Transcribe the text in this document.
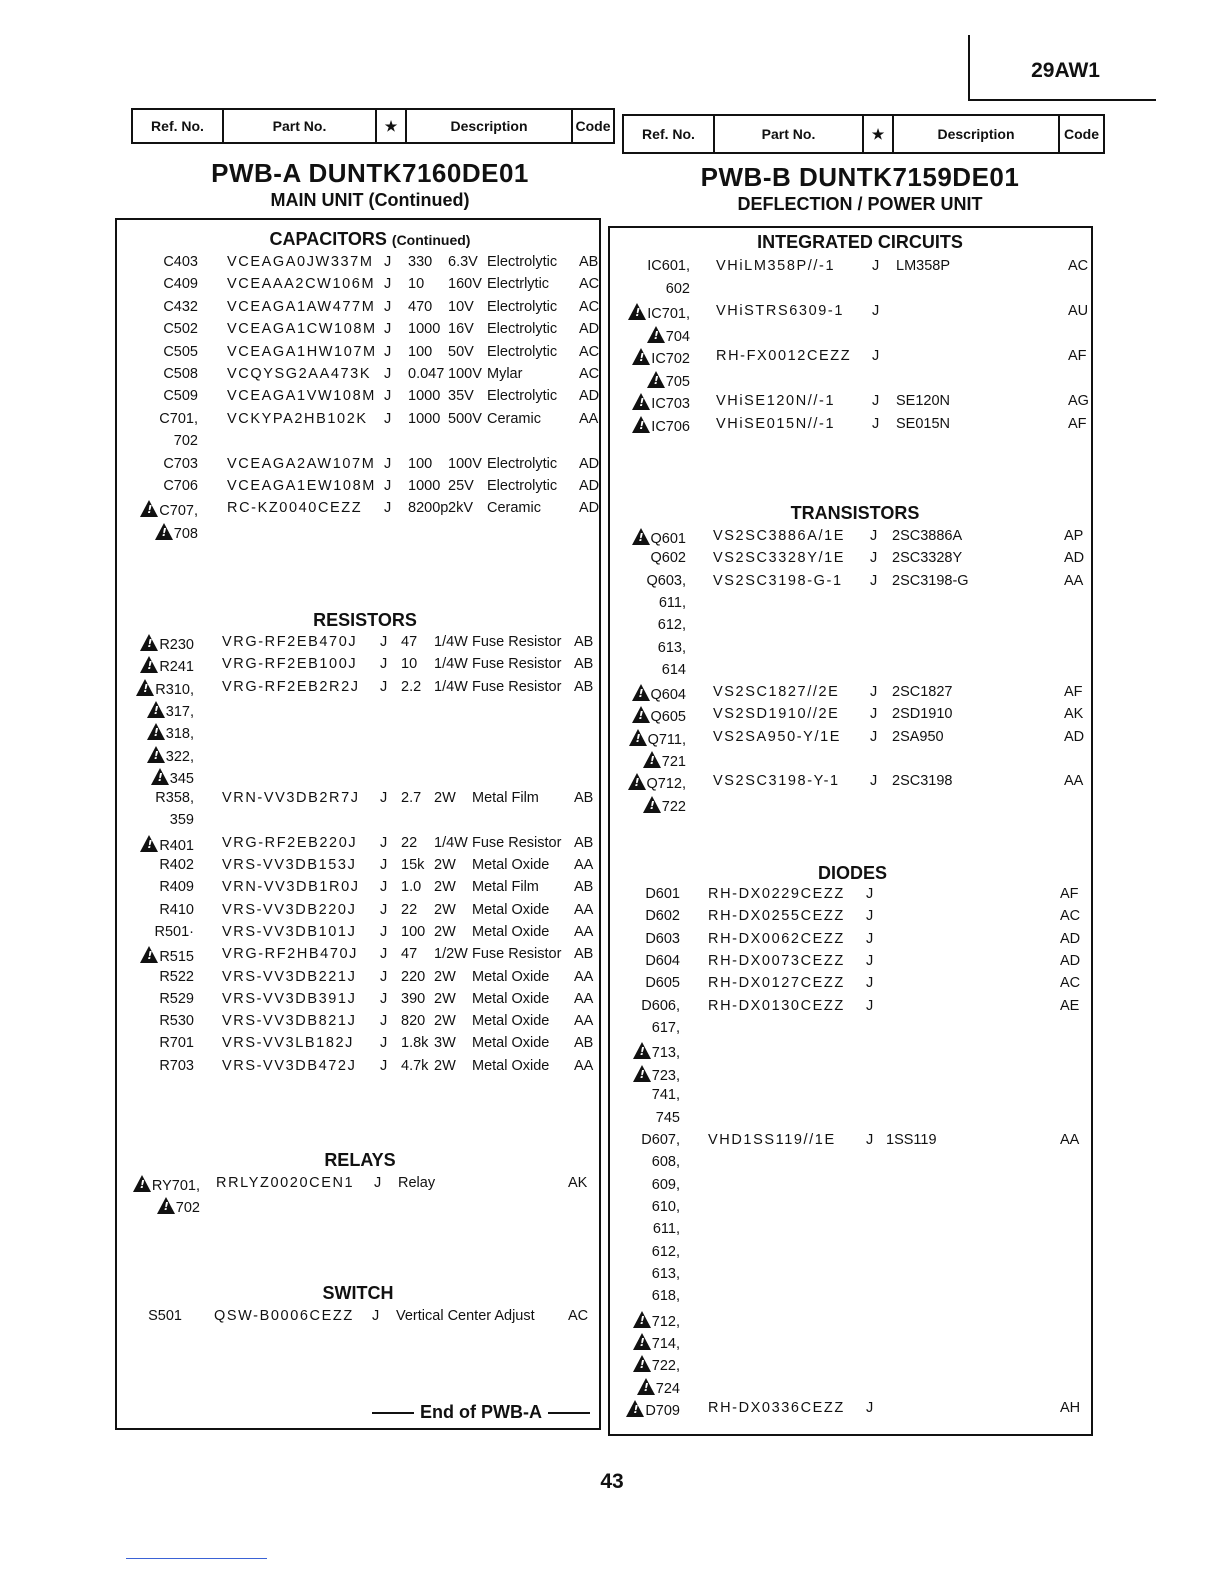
29AW1
Ref. No.	Part No.	★	Description	Code	Ref. No.	Part No.	★	Description	Code
PWB-A DUNTK7160DE01
MAIN UNIT (Continued)
PWB-B DUNTK7159DE01
DEFLECTION / POWER UNIT
CAPACITORS (Continued)
RESISTORS
RELAYS
SWITCH
C403 VCEAGA0JW337M J 330 6.3V Electrolytic AB
C409 VCEAAA2CW106M J 10 160V Electrlytic AC
C432 VCEAGA1AW477M J 470 10V Electrolytic AC
C502 VCEAGA1CW108M J 1000 16V Electrolytic AD
C505 VCEAGA1HW107M J 100 50V Electrolytic AC
C508 VCQYSG2AA473K J 0.047 100V Mylar	AC
C509 VCEAGA1VW108M J 1000 35V Electrolytic AD
C701, VCKYPA2HB102K J 1000 500V Ceramic	AA
702
C703 VCEAGA2AW107M J 100 100V Electrolytic AD
C706 VCEAGA1EW108M J 1000 25V Electrolytic AD
!C707, RC-KZ0040CEZZ J 8200p 2kV Ceramic	AD
!708
!R230 VRG-RF2EB470J J 47 1/4W Fuse Resistor AB
!R241 VRG-RF2EB100J J 10 1/4W Fuse Resistor AB
!R310, VRG-RF2EB2R2J J 2.2 1/4W Fuse Resistor AB
!317,
!318,
!322,
!345
R358, VRN-VV3DB2R7J J 2.7 2W Metal Film AB
359
!R401 VRG-RF2EB220J J 22 1/4W Fuse Resistor AB
R402 VRS-VV3DB153J J 15k 2W Metal Oxide AA
R409 VRN-VV3DB1R0J J 1.0 2W Metal Film AB
R410 VRS-VV3DB220J J 22 2W Metal Oxide AA
R501· VRS-VV3DB101J J 100 2W Metal Oxide AA
!R515 VRG-RF2HB470J J 47 1/2W Fuse Resistor AB
R522 VRS-VV3DB221J J 220 2W Metal Oxide AA
R529 VRS-VV3DB391J J 390 2W Metal Oxide AA
R530 VRS-VV3DB821J J 820 2W Metal Oxide AA
R701 VRS-VV3LB182J J 1.8k 3W Metal Oxide AB
R703 VRS-VV3DB472J J 4.7k 2W Metal Oxide AA
!RY701, RRLYZ0020CEN1 J Relay	AK
!702
S501 QSW-B0006CEZZ J Vertical Center Adjust AC
End of PWB-A
INTEGRATED CIRCUITS
TRANSISTORS
DIODES
IC601, VHiLM358P//-1	J LM358P	AC
602
!IC701, VHiSTRS6309-1 J	AU
!704
!IC702 RH-FX0012CEZZ J	AF
!705
!IC703 VHiSE120N//-1	J SE120N	AG
!IC706 VHiSE015N//-1	J SE015N	AF
!Q601 VS2SC3886A/1E J 2SC3886A	AP
Q602 VS2SC3328Y/1E J 2SC3328Y	AD
Q603, VS2SC3198-G-1 J 2SC3198-G	AA
611,
612,
613,
614
!Q604 VS2SC1827//2E J 2SC1827	AF
!Q605 VS2SD1910//2E J 2SD1910	AK
!Q711, VS2SA950-Y/1E J 2SA950	AD
!721
!Q712, VS2SC3198-Y-1 J 2SC3198	AA
!722
D601 RH-DX0229CEZZ J	AF
D602 RH-DX0255CEZZ J	AC
D603 RH-DX0062CEZZ J	AD
D604 RH-DX0073CEZZ J	AD
D605 RH-DX0127CEZZ J	AC
D606, RH-DX0130CEZZ J	AE
617,
!713,
!723,
741,
745
D607, VHD1SS119//1E J 1SS119	AA
608,
609,
610,
611,
612,
613,
618,
!712,
!714,
!722,
!724
!D709 RH-DX0336CEZZ J	AH
43
